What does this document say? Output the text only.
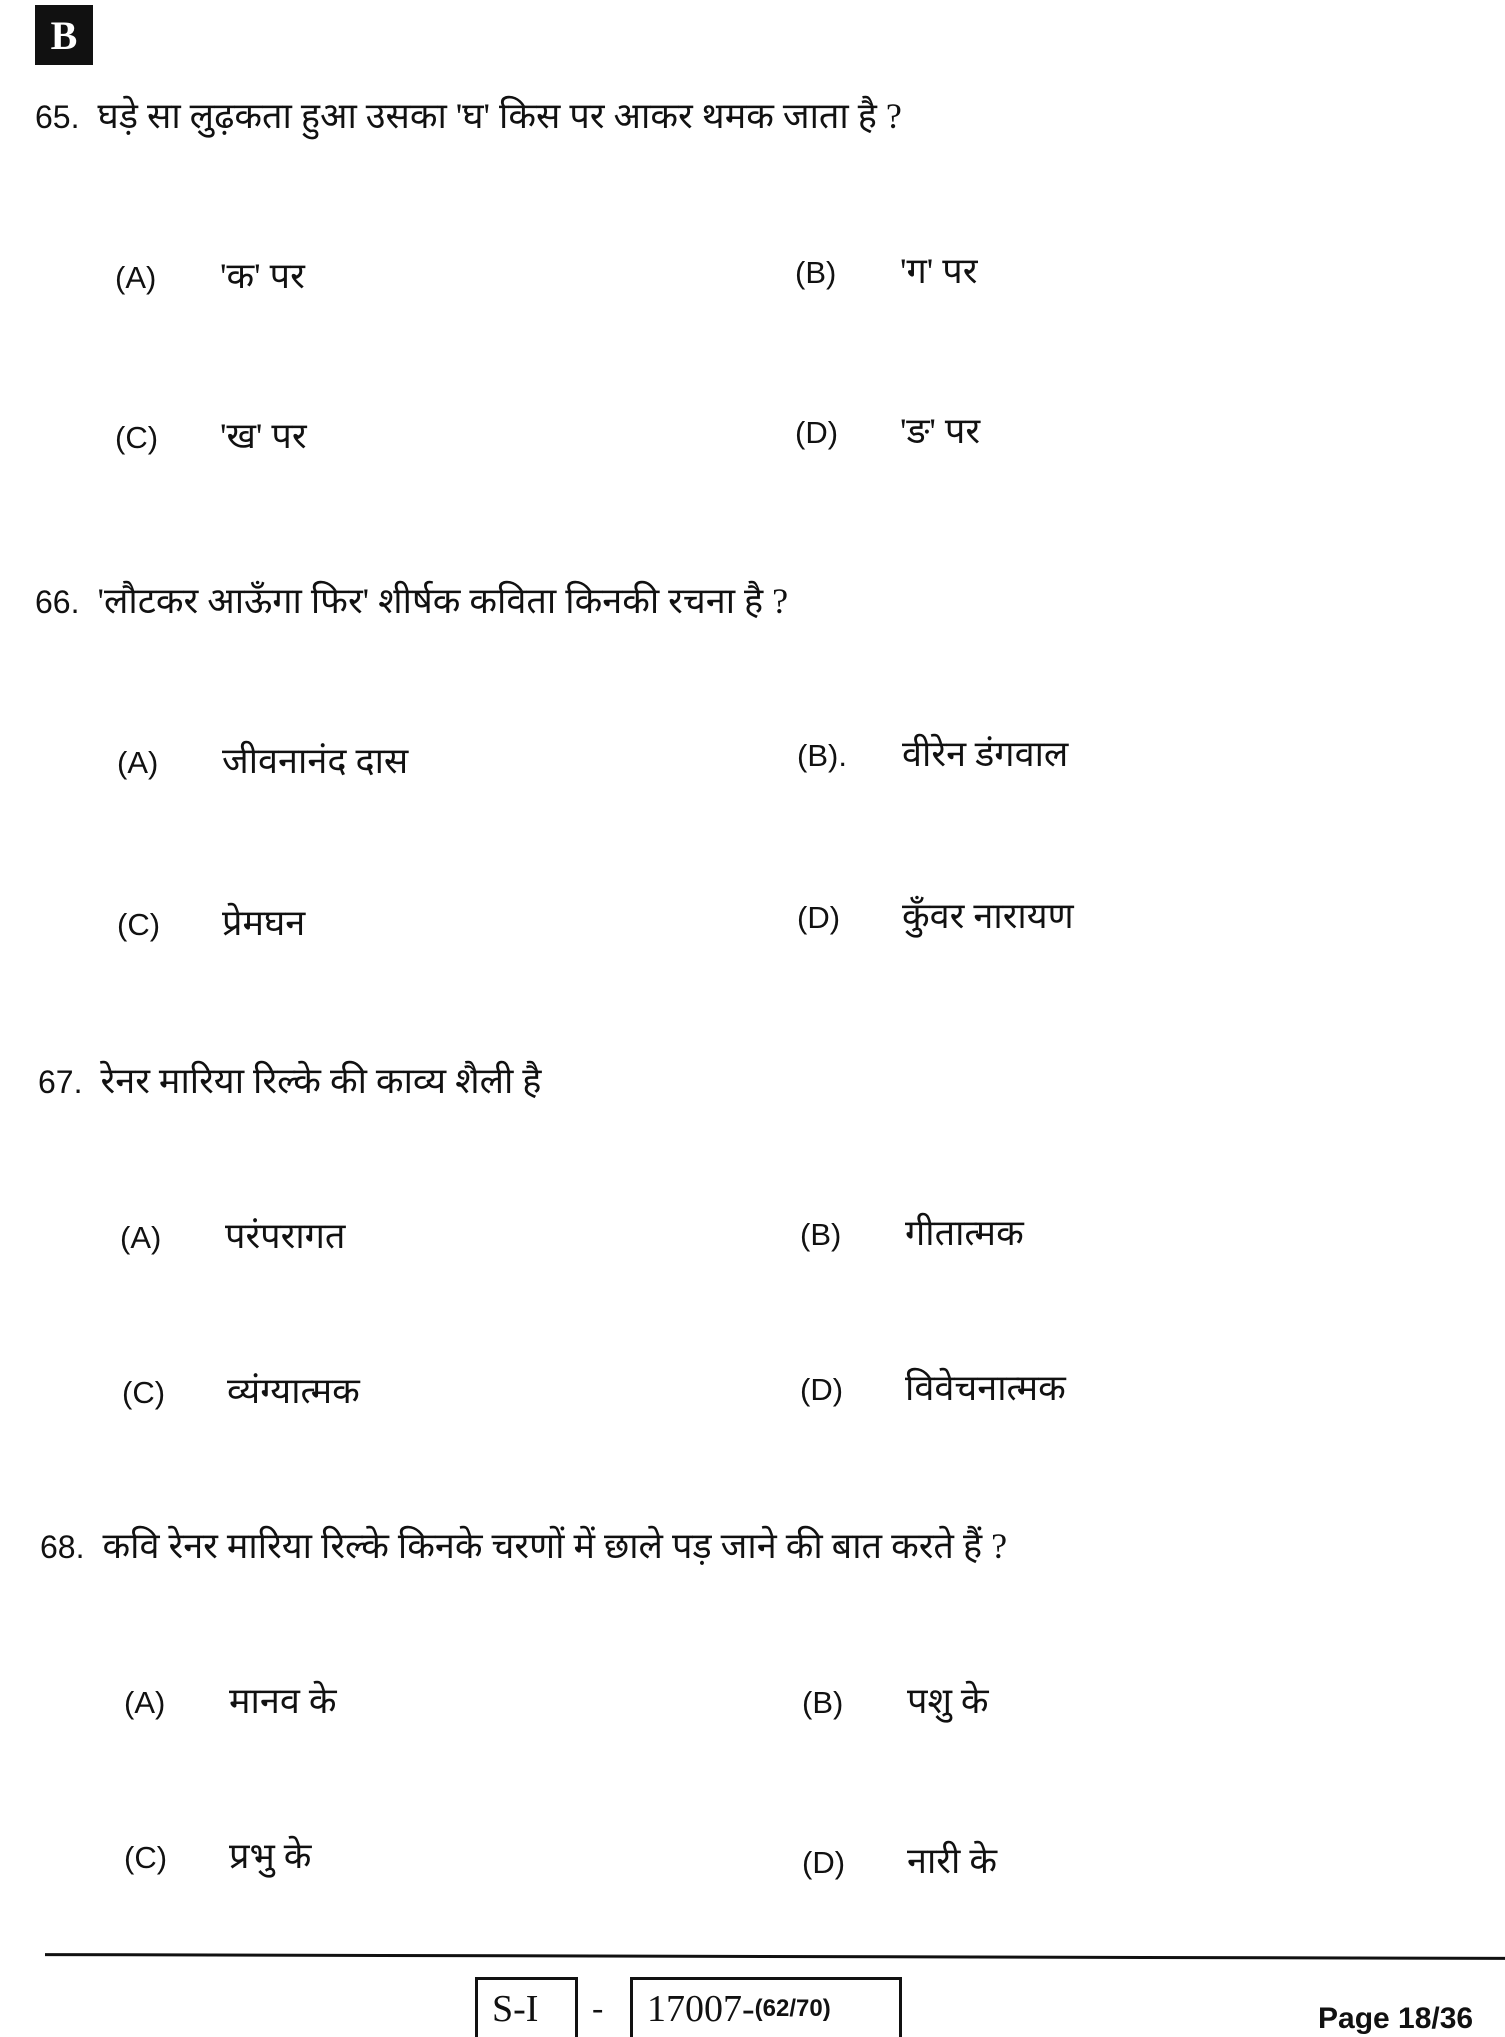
B
65. घड़े सा लुढ़कता हुआ उसका 'घ' किस पर आकर थमक जाता है ?
(A) 'क' पर	(B) 'ग' पर
(C) 'ख' पर	(D) 'ङ' पर
66. 'लौटकर आऊँगा फिर' शीर्षक कविता किनकी रचना है ?
(A) जीवनानंद दास	(B). वीरेन डंगवाल
(C) प्रेमघन	(D) कुँवर नारायण
67. रेनर मारिया रिल्के की काव्य शैली है
(A) परंपरागत	(B) गीतात्मक
(C) व्यंग्यात्मक	(D) विवेचनात्मक
68. कवि रेनर मारिया रिल्के किनके चरणों में छाले पड़ जाने की बात करते हैं ?
(A) मानव के	(B) पशु के
(C) प्रभु के	(D) नारी के
S-I - 17007- (62/70)	Page 18/36
